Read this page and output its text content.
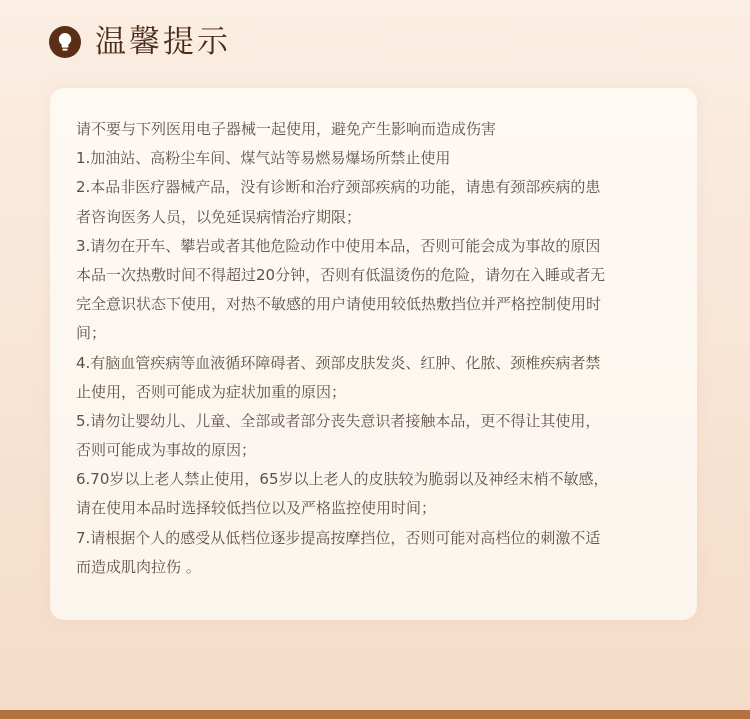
温馨提示
请不要与下列医用电子器械一起使用，避免产生影响而造成伤害
1.加油站、高粉尘车间、煤气站等易燃易爆场所禁止使用
2.本品非医疗器械产品，没有诊断和治疗颈部疾病的功能，请患有颈部疾病的患
者咨询医务人员，以免延误病情治疗期限；
3.请勿在开车、攀岩或者其他危险动作中使用本品，否则可能会成为事故的原因
本品一次热敷时间不得超过20分钟，否则有低温烫伤的危险，请勿在入睡或者无
完全意识状态下使用，对热不敏感的用户请使用较低热敷挡位并严格控制使用时
间；
4.有脑血管疾病等血液循环障碍者、颈部皮肤发炎、红肿、化脓、颈椎疾病者禁
止使用，否则可能成为症状加重的原因；
5.请勿让婴幼儿、儿童、全部或者部分丧失意识者接触本品，更不得让其使用，
否则可能成为事故的原因；
6.70岁以上老人禁止使用，65岁以上老人的皮肤较为脆弱以及神经末梢不敏感，
请在使用本品时选择较低挡位以及严格监控使用时间；
7.请根据个人的感受从低档位逐步提高按摩挡位，否则可能对高档位的刺激不适
而造成肌肉拉伤 。
